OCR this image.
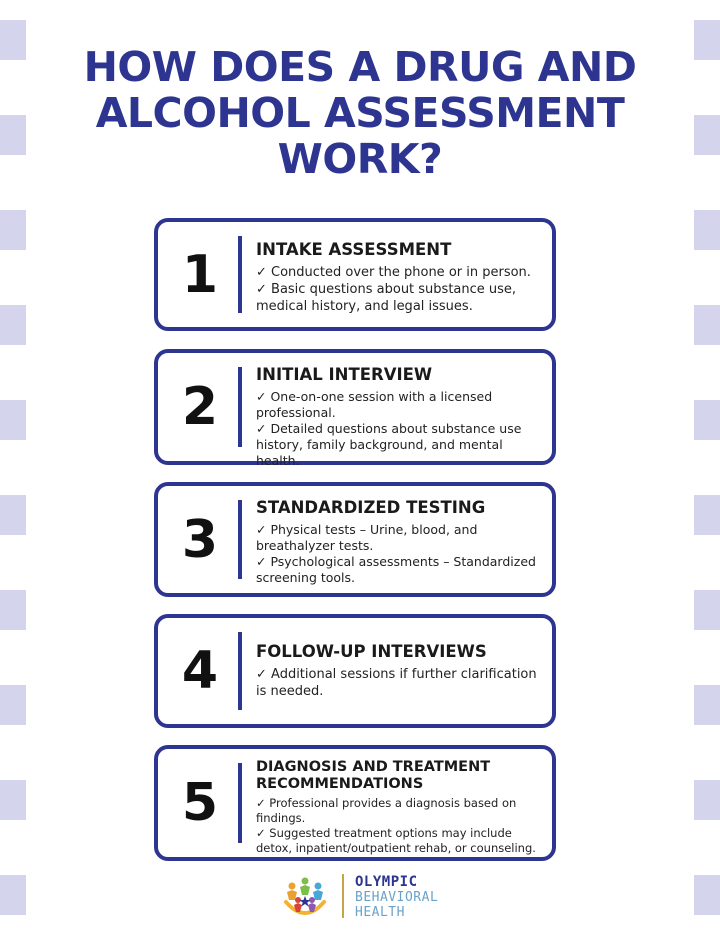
HOW DOES A DRUG AND
ALCOHOL ASSESSMENT
WORK?
1	INTAKE ASSESSMENT

✓ Conducted over the phone or in person.

✓ Basic questions about substance use, medical history, and legal issues.

2
INITIAL INTERVIEW

✓ One-on-one session with a licensed professional.

✓ Detailed questions about substance use history, family background, and mental health.

3
STANDARDIZED TESTING

✓ Physical tests – Urine, blood, and breathalyzer tests.

✓ Psychological assessments – Standardized screening tools.

4	FOLLOW-UP INTERVIEWS

✓ Additional sessions if further clarification is needed.

5
DIAGNOSIS AND TREATMENT RECOMMENDATIONS

✓ Professional provides a diagnosis based on findings.

✓ Suggested treatment options may include detox, inpatient/outpatient rehab, or counseling.

OLYMPIC
BEHAVIORAL
HEALTH
